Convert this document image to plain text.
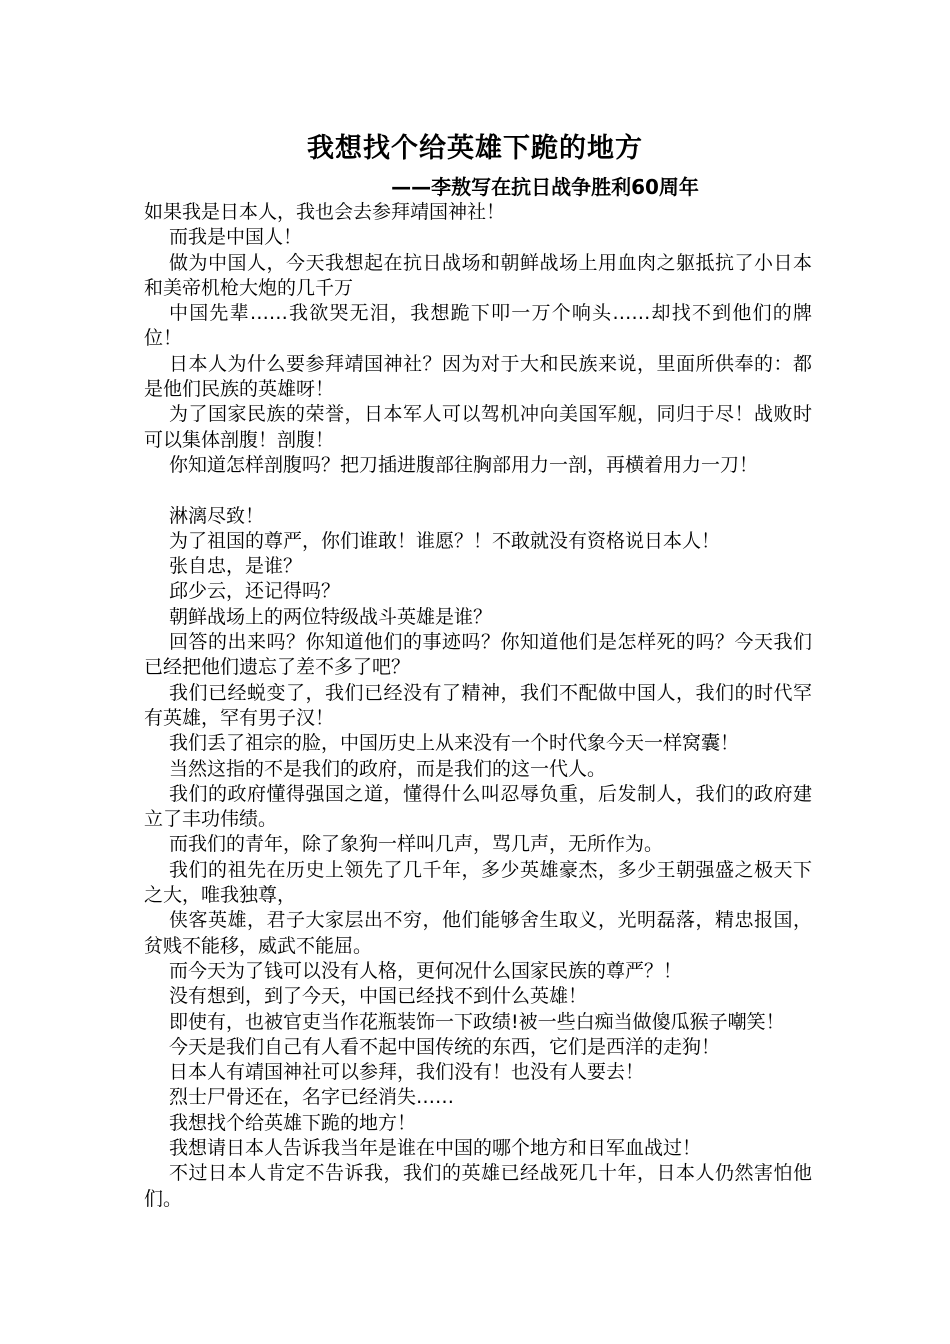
我想找个给英雄下跪的地方
——李敖写在抗日战争胜利60周年

如果我是日本人，我也会去参拜靖国神社！

而我是中国人！

做为中国人，今天我想起在抗日战场和朝鲜战场上用血肉之躯抵抗了小日本和美帝机枪大炮的几千万

中国先辈……我欲哭无泪，我想跪下叩一万个响头……却找不到他们的牌位！

日本人为什么要参拜靖国神社？因为对于大和民族来说，里面所供奉的：都是他们民族的英雄呀！

为了国家民族的荣誉，日本军人可以驾机冲向美国军舰，同归于尽！战败时可以集体剖腹！剖腹！

你知道怎样剖腹吗？把刀插进腹部往胸部用力一剖，再横着用力一刀！

淋漓尽致！

为了祖国的尊严，你们谁敢！谁愿？！不敢就没有资格说日本人！

张自忠，是谁？

邱少云，还记得吗？

朝鲜战场上的两位特级战斗英雄是谁？

回答的出来吗？你知道他们的事迹吗？你知道他们是怎样死的吗？今天我们已经把他们遗忘了差不多了吧？

我们已经蜕变了，我们已经没有了精神，我们不配做中国人，我们的时代罕有英雄，罕有男子汉！

我们丢了祖宗的脸，中国历史上从来没有一个时代象今天一样窝囊！

当然这指的不是我们的政府，而是我们的这一代人。

我们的政府懂得强国之道，懂得什么叫忍辱负重，后发制人，我们的政府建立了丰功伟绩。

而我们的青年，除了象狗一样叫几声，骂几声，无所作为。

我们的祖先在历史上领先了几千年，多少英雄豪杰，多少王朝强盛之极天下之大，唯我独尊，

侠客英雄，君子大家层出不穷，他们能够舍生取义，光明磊落，精忠报国，贫贱不能移，威武不能屈。

而今天为了钱可以没有人格，更何况什么国家民族的尊严？！

没有想到，到了今天，中国已经找不到什么英雄！

即使有，也被官吏当作花瓶装饰一下政绩!被一些白痴当做傻瓜猴子嘲笑！

今天是我们自己有人看不起中国传统的东西，它们是西洋的走狗！

日本人有靖国神社可以参拜，我们没有！也没有人要去！

烈士尸骨还在，名字已经消失……

我想找个给英雄下跪的地方！

我想请日本人告诉我当年是谁在中国的哪个地方和日军血战过！

不过日本人肯定不告诉我，我们的英雄已经战死几十年，日本人仍然害怕他们。
